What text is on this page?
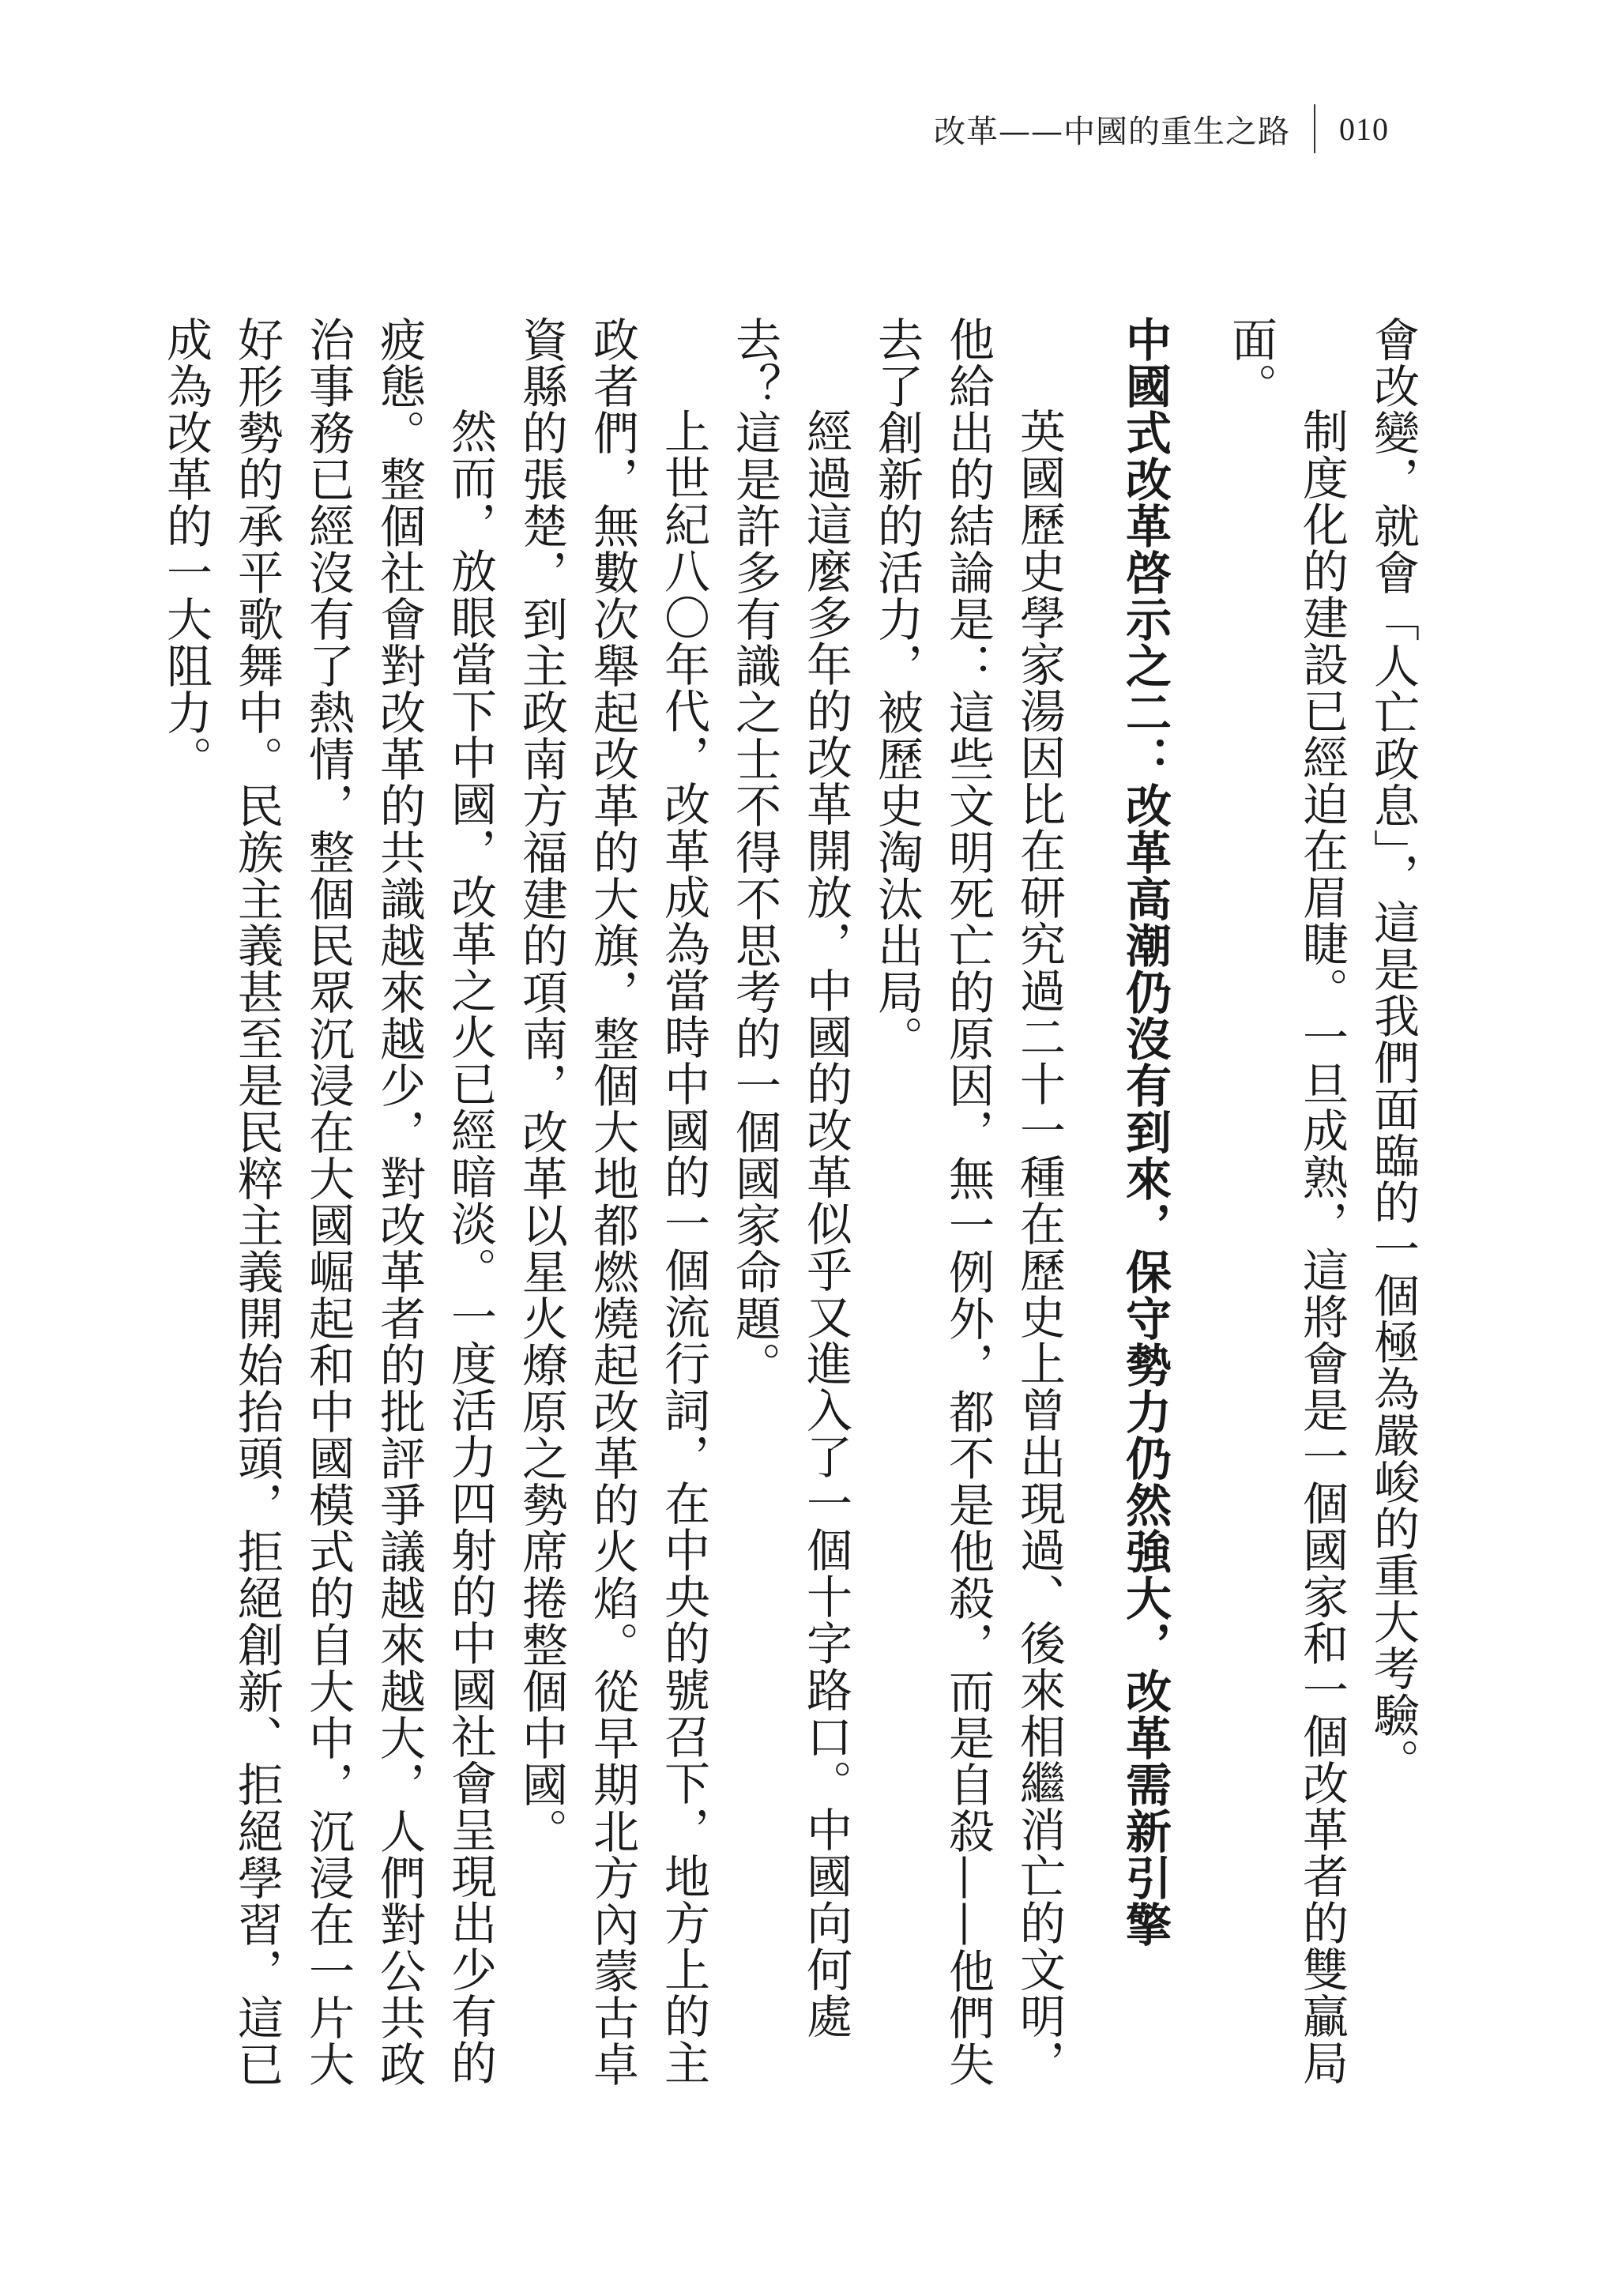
改革——中國的重生之路 010

會改變，就會「人亡政息」，這是我們面臨的一個極為嚴峻的重大考驗。

制度化的建設已經迫在眉睫。一旦成熟，這將會是一個國家和一個改革者的雙贏局面。

中國式改革啓示之二：改革高潮仍沒有到來，保守勢力仍然強大，改革需新引擎

英國歷史學家湯因比在研究過二十一種在歷史上曾出現過、後來相繼消亡的文明，他給出的結論是：這些文明死亡的原因，無一例外，都不是他殺，而是自殺——他們失去了創新的活力，被歷史淘汰出局。

經過這麼多年的改革開放，中國的改革似乎又進入了一個十字路口。中國向何處去？這是許多有識之士不得不思考的一個國家命題。

上世紀八〇年代，改革成為當時中國的一個流行詞，在中央的號召下，地方上的主政者們，無數次舉起改革的大旗，整個大地都燃燒起改革的火焰。從早期北方內蒙古卓資縣的張楚，到主政南方福建的項南，改革以星火燎原之勢席捲整個中國。

然而，放眼當下中國，改革之火已經暗淡。一度活力四射的中國社會呈現出少有的疲態。整個社會對改革的共識越來越少，對改革者的批評爭議越來越大，人們對公共政治事務已經沒有了熱情，整個民眾沉浸在大國崛起和中國模式的自大中，沉浸在一片大好形勢的承平歌舞中。民族主義甚至是民粹主義開始抬頭，拒絕創新、拒絕學習，這已成為改革的一大阻力。
